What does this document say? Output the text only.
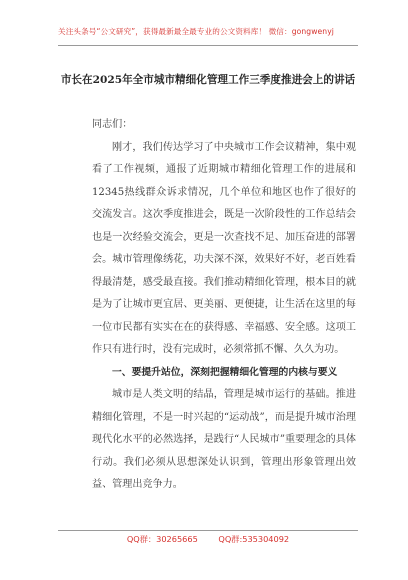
关注头条号“公文研究”，获得最新最全最专业的公文资料库！ 微信：gongwenyj
市长在2025年全市城市精细化管理工作三季度推进会上的讲话

同志们：

刚才，我们传达学习了中央城市工作会议精神，集中观看了工作视频，通报了近期城市精细化管理工作的进展和12345热线群众诉求情况，几个单位和地区也作了很好的交流发言。这次季度推进会，既是一次阶段性的工作总结会也是一次经验交流会，更是一次查找不足、加压奋进的部署会。城市管理像绣花，功夫深不深，效果好不好，老百姓看得最清楚，感受最直接。我们推动精细化管理，根本目的就是为了让城市更宜居、更美丽、更便捷，让生活在这里的每一位市民都有实实在在的获得感、幸福感、安全感。这项工作只有进行时，没有完成时，必须常抓不懈、久久为功。

一、要提升站位，深刻把握精细化管理的内核与要义

城市是人类文明的结晶，管理是城市运行的基础。推进精细化管理，不是一时兴起的“运动战”，而是提升城市治理现代化水平的必然选择，是践行“人民城市”重要理念的具体行动。我们必须从思想深处认识到，管理出形象管理出效益、管理出竞争力。

QQ群：30265665	QQ群:535304092
